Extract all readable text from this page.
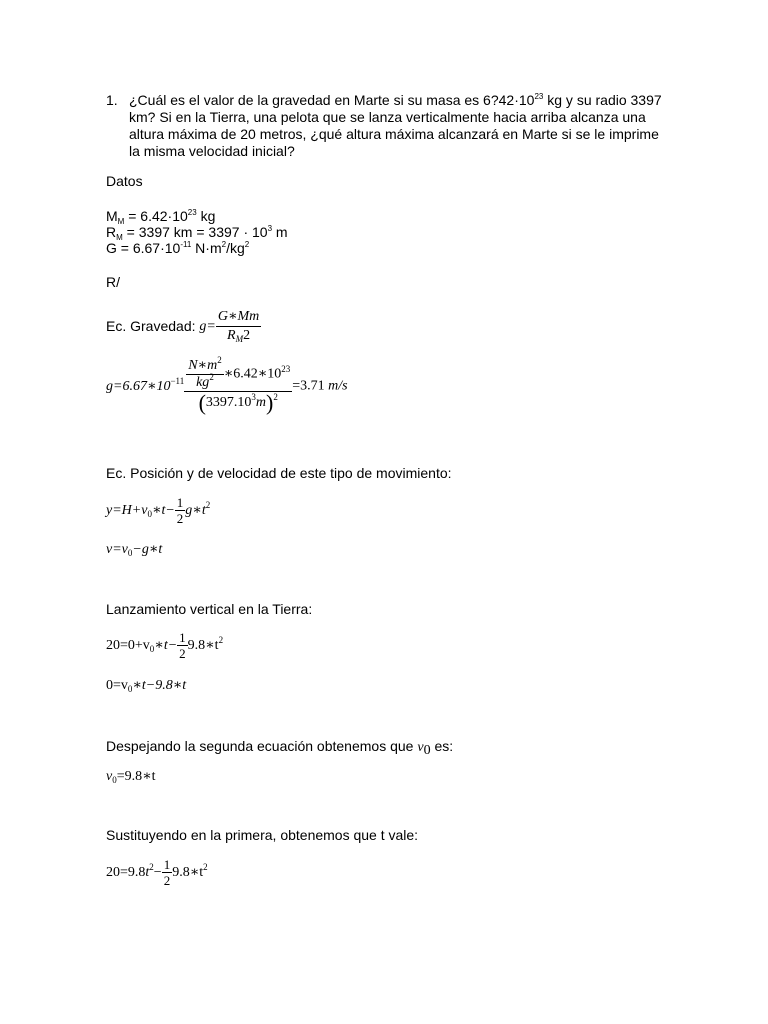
1. ¿Cuál es el valor de la gravedad en Marte si su masa es $6?42\cdot 10^{23}$ kg y su radio 3397 km? Si en la Tierra, una pelota que se lanza verticalmente hacia arriba alcanza una altura máxima de 20 metros, ¿qué altura máxima alcanzará en Marte si se le imprime la misma velocidad inicial?
Datos
$M_M = 6.42\cdot 10^{23}$ kg
$R_M = 3397$ km = $3397 \cdot 10^3$ m
$G = 6.67\cdot 10^{-11}$ $N\cdot m^2/kg^2$
R/
Ec. Gravedad: $g= \frac{G∗Mm}{R_M2}$
$g=6.67∗10^{-11} \frac{\frac{N∗m^2}{kg^2} ∗6.42∗10^{23}}{(3397.10^3m)^2} =3.71$ m/s
Ec. Posición y de velocidad de este tipo de movimiento:
$y=H+v_0∗t- \frac{1}{2}$ $g∗t^2$
$v=v_0-g∗t$
Lanzamiento vertical en la Tierra:
$20=0+v_0∗t- \frac{1}{2}$ $9.8∗t^2$
$0=v_0∗t-9.8∗t$
Despejando la segunda ecuación obtenemos que $v_0$ es:
$v_0=9.8∗t$
Sustituyendo en la primera, obtenemos que t vale:
$20=9.8t^2- \frac{1}{2}$ $9.8∗t^2$
